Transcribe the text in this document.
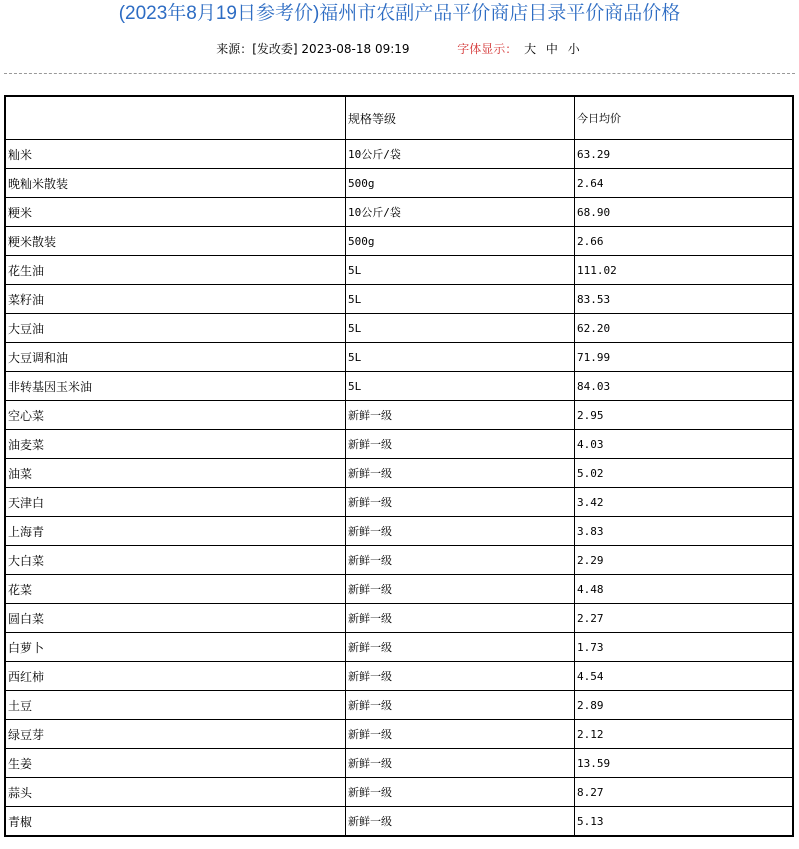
(2023年8月19日参考价)福州市农副产品平价商店目录平价商品价格
来源：[发改委] 2023-08-18 09:19	字体显示： 大 中 小
	规格等级	今日均价
籼米	10公斤/袋	63.29
晚籼米散装	500g	2.64
粳米	10公斤/袋	68.90
粳米散装	500g	2.66
花生油	5L	111.02
菜籽油	5L	83.53
大豆油	5L	62.20
大豆调和油	5L	71.99
非转基因玉米油	5L	84.03
空心菜	新鲜一级	2.95
油麦菜	新鲜一级	4.03
油菜	新鲜一级	5.02
天津白	新鲜一级	3.42
上海青	新鲜一级	3.83
大白菜	新鲜一级	2.29
花菜	新鲜一级	4.48
圆白菜	新鲜一级	2.27
白萝卜	新鲜一级	1.73
西红柿	新鲜一级	4.54
土豆	新鲜一级	2.89
绿豆芽	新鲜一级	2.12
生姜	新鲜一级	13.59
蒜头	新鲜一级	8.27
青椒	新鲜一级	5.13
